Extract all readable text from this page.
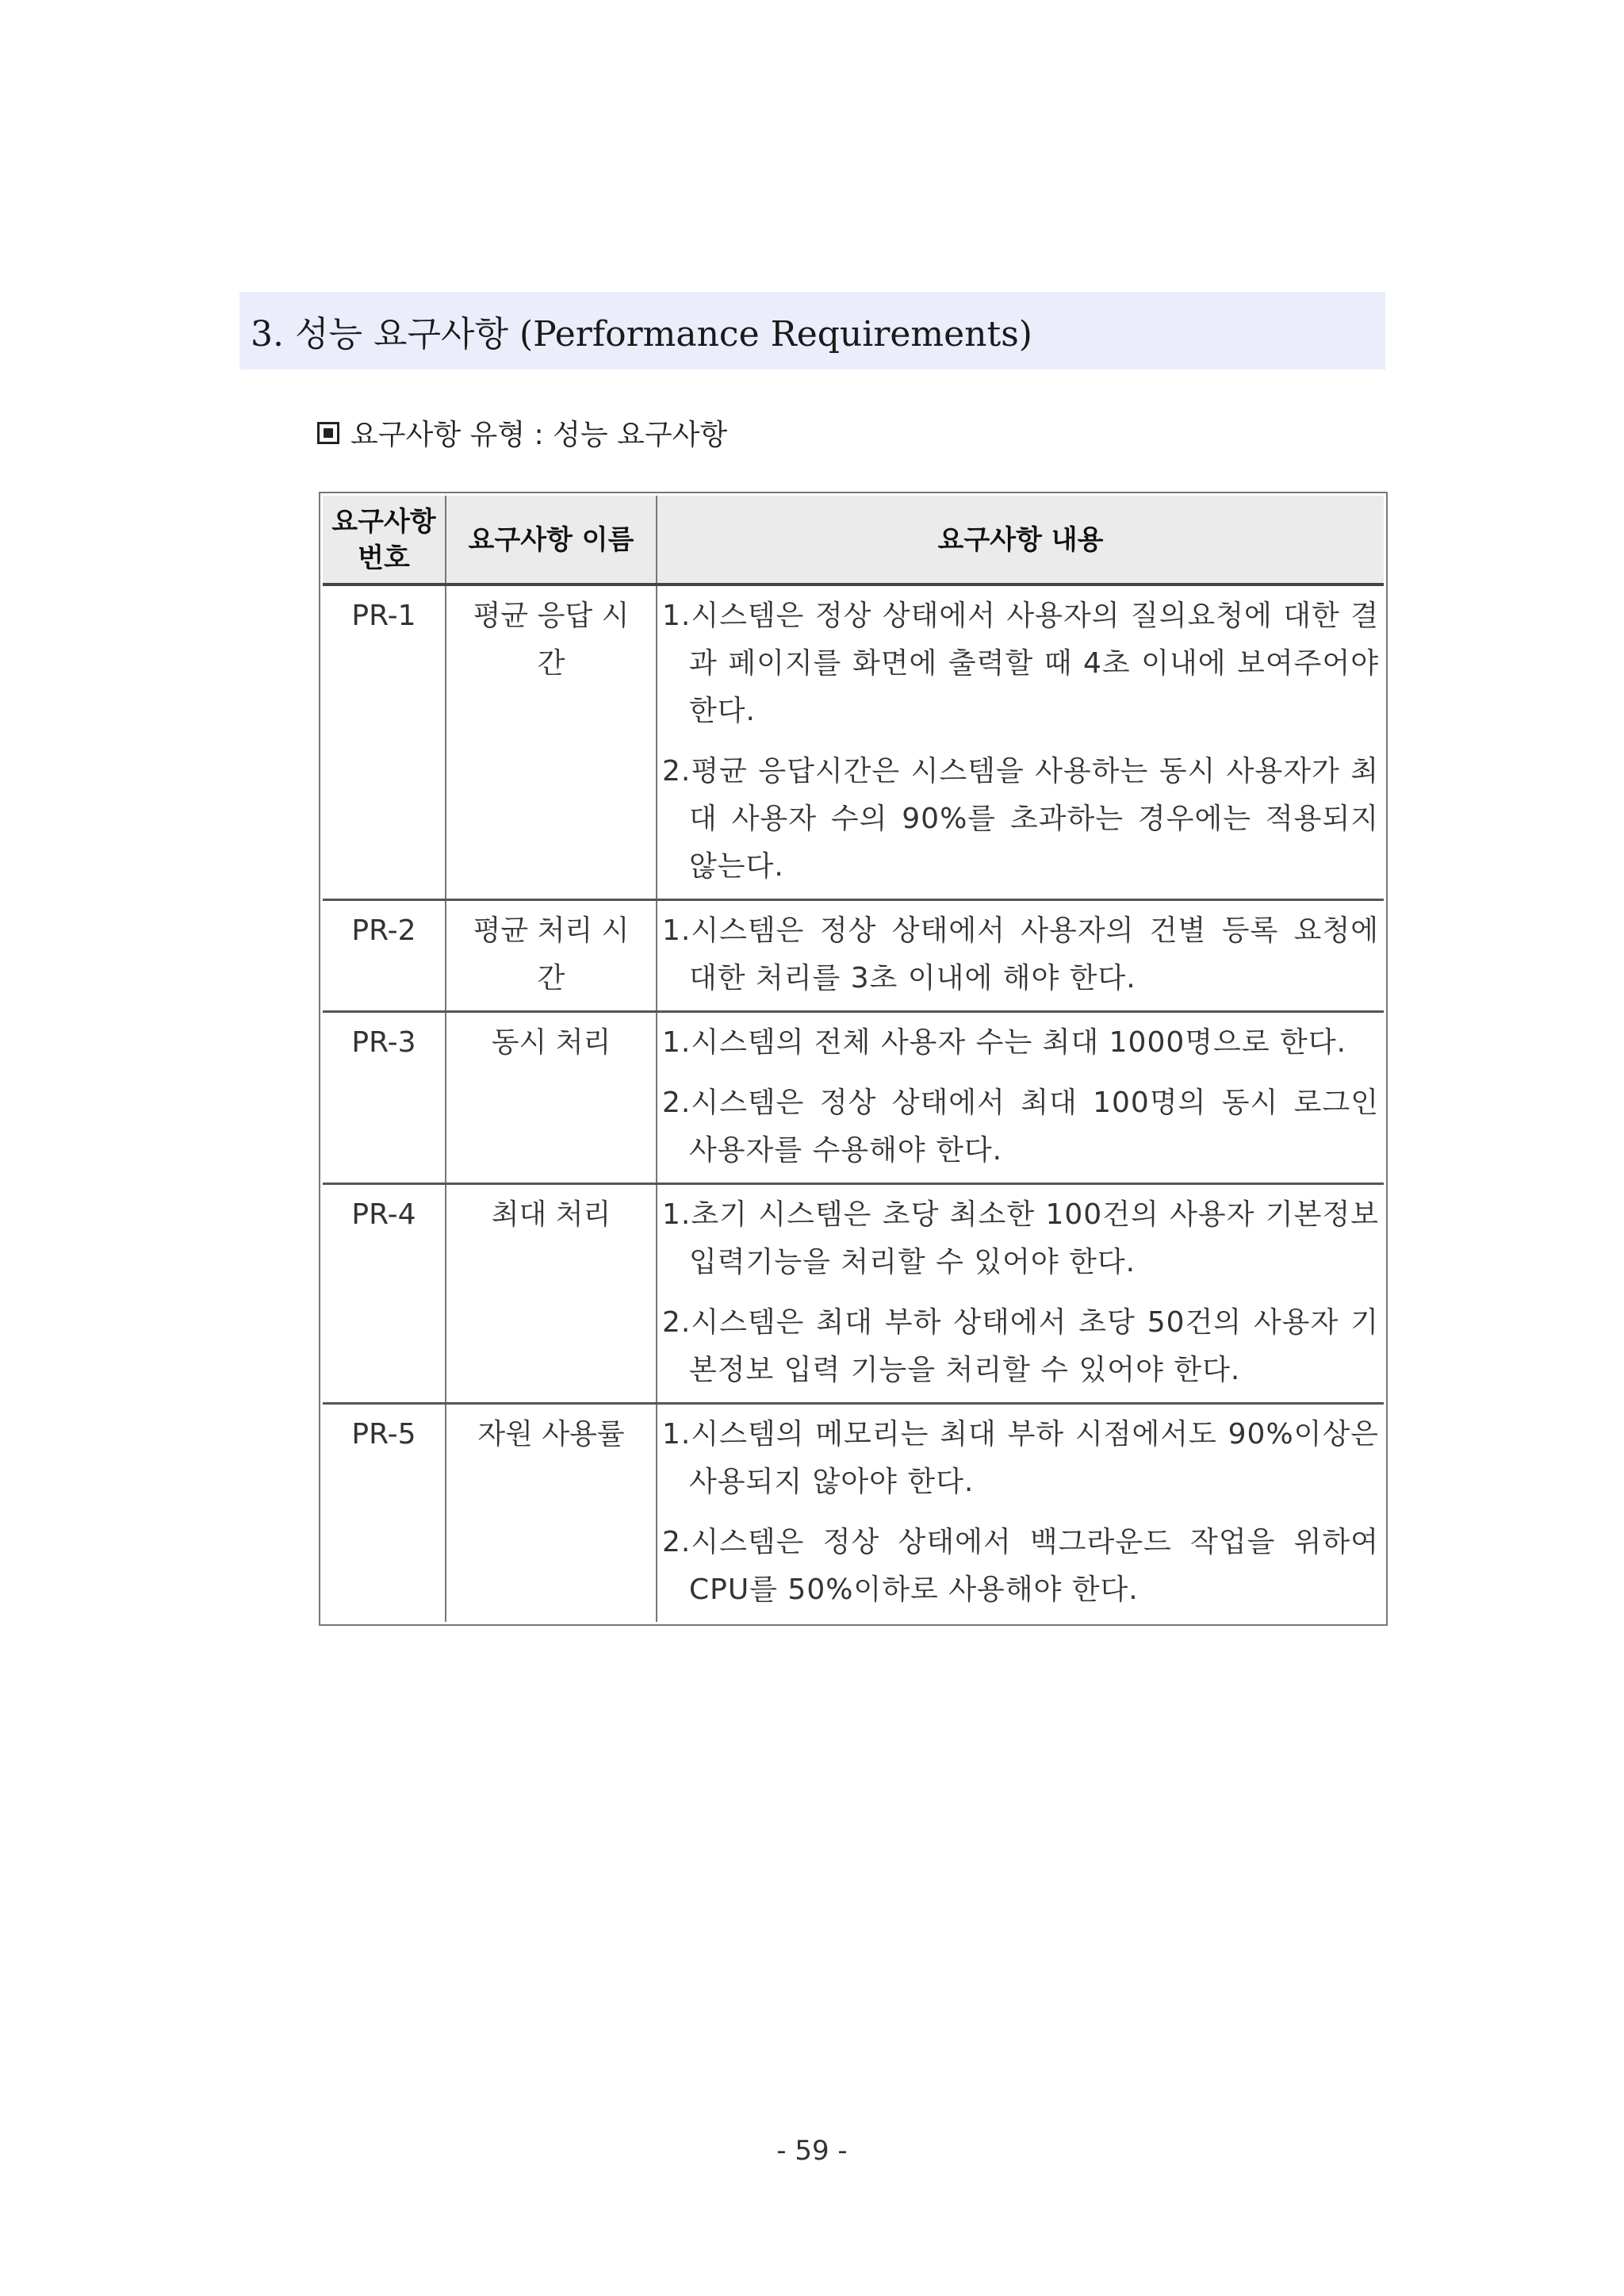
3. 성능 요구사항 (Performance Requirements)
요구사항 유형 : 성능 요구사항
요구사항 번호	요구사항 이름	요구사항 내용
PR-1	평균 응답 시간	1.시스템은 정상 상태에서 사용자의 질의요청에 대한 결과 페이지를 화면에 출력할 때 4초 이내에 보여주어야 한다.
2.평균 응답시간은 시스템을 사용하는 동시 사용자가 최대 사용자 수의 90%를 초과하는 경우에는 적용되지 않는다.

PR-2	평균 처리 시간	1.시스템은 정상 상태에서 사용자의 건별 등록 요청에 대한 처리를 3초 이내에 해야 한다.

PR-3	동시 처리	1.시스템의 전체 사용자 수는 최대 1000명으로 한다.
2.시스템은 정상 상태에서 최대 100명의 동시 로그인 사용자를 수용해야 한다.

PR-4	최대 처리	1.초기 시스템은 초당 최소한 100건의 사용자 기본정보 입력기능을 처리할 수 있어야 한다.
2.시스템은 최대 부하 상태에서 초당 50건의 사용자 기본정보 입력 기능을 처리할 수 있어야 한다.

PR-5	자원 사용률	1.시스템의 메모리는 최대 부하 시점에서도 90%이상은 사용되지 않아야 한다.
2.시스템은 정상 상태에서 백그라운드 작업을 위하여 CPU를 50%이하로 사용해야 한다.
- 59 -
